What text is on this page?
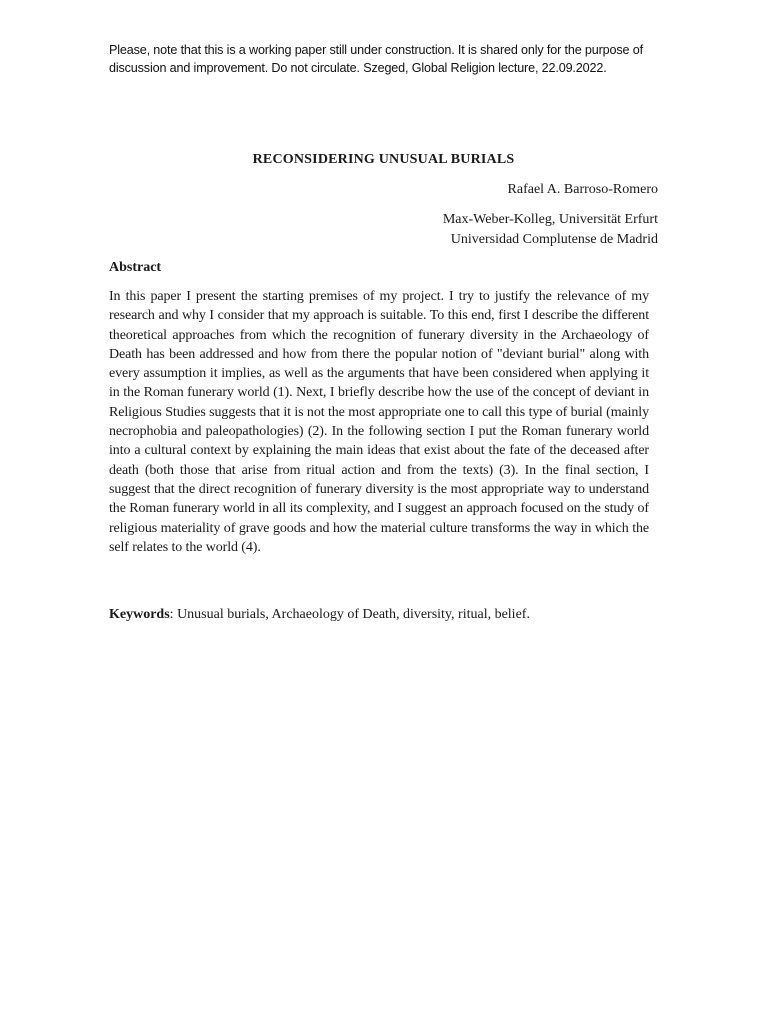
Please, note that this is a working paper still under construction. It is shared only for the purpose of discussion and improvement. Do not circulate. Szeged, Global Religion lecture, 22.09.2022.
RECONSIDERING UNUSUAL BURIALS
Rafael A. Barroso-Romero
Max-Weber-Kolleg, Universität Erfurt
Universidad Complutense de Madrid
Abstract
In this paper I present the starting premises of my project. I try to justify the relevance of my research and why I consider that my approach is suitable. To this end, first I describe the different theoretical approaches from which the recognition of funerary diversity in the Archaeology of Death has been addressed and how from there the popular notion of "deviant burial" along with every assumption it implies, as well as the arguments that have been considered when applying it in the Roman funerary world (1). Next, I briefly describe how the use of the concept of deviant in Religious Studies suggests that it is not the most appropriate one to call this type of burial (mainly necrophobia and paleopathologies) (2). In the following section I put the Roman funerary world into a cultural context by explaining the main ideas that exist about the fate of the deceased after death (both those that arise from ritual action and from the texts) (3). In the final section, I suggest that the direct recognition of funerary diversity is the most appropriate way to understand the Roman funerary world in all its complexity, and I suggest an approach focused on the study of religious materiality of grave goods and how the material culture transforms the way in which the self relates to the world (4).
Keywords: Unusual burials, Archaeology of Death, diversity, ritual, belief.
